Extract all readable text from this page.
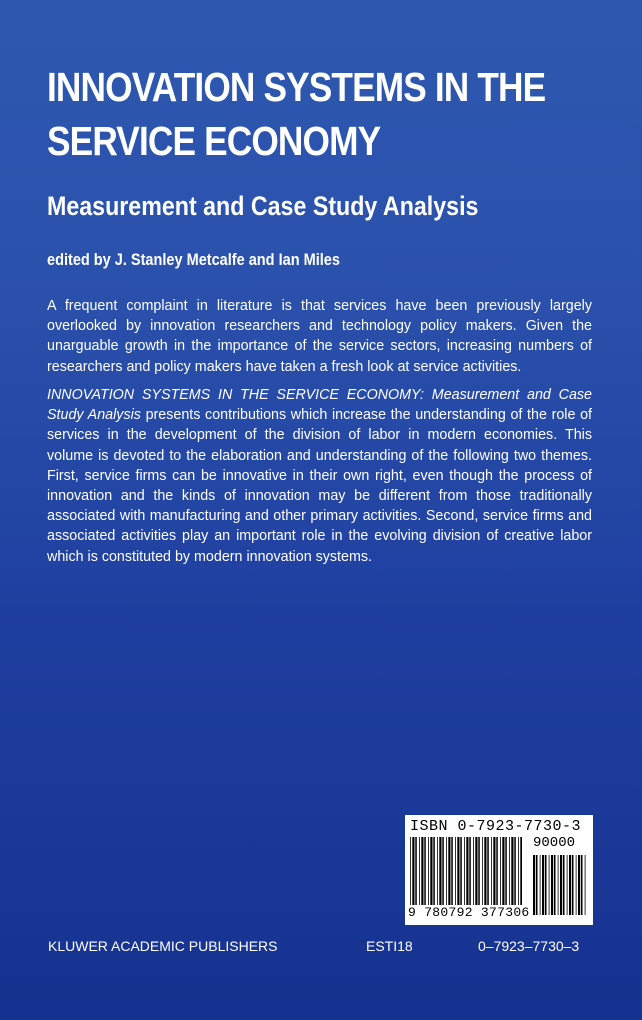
INNOVATION SYSTEMS IN THE
SERVICE ECONOMY
Measurement and Case Study Analysis
edited by J. Stanley Metcalfe and Ian Miles
A frequent complaint in literature is that services have been previously largely overlooked by innovation researchers and technology policy makers. Given the unarguable growth in the importance of the service sectors, increasing numbers of researchers and policy makers have taken a fresh look at service activities.
INNOVATION SYSTEMS IN THE SERVICE ECONOMY: Measurement and Case Study Analysis presents contributions which increase the understanding of the role of services in the development of the division of labor in modern economies. This volume is devoted to the elaboration and understanding of the following two themes. First, service firms can be innovative in their own right, even though the process of innovation and the kinds of innovation may be different from those traditionally associated with manufacturing and other primary activities. Second, service firms and associated activities play an important role in the evolving division of creative labor which is constituted by modern innovation systems.
ISBN 0-7923-7730-3
90000
9 780792 377306
KLUWER ACADEMIC PUBLISHERS	ESTI18	0–7923–7730–3
